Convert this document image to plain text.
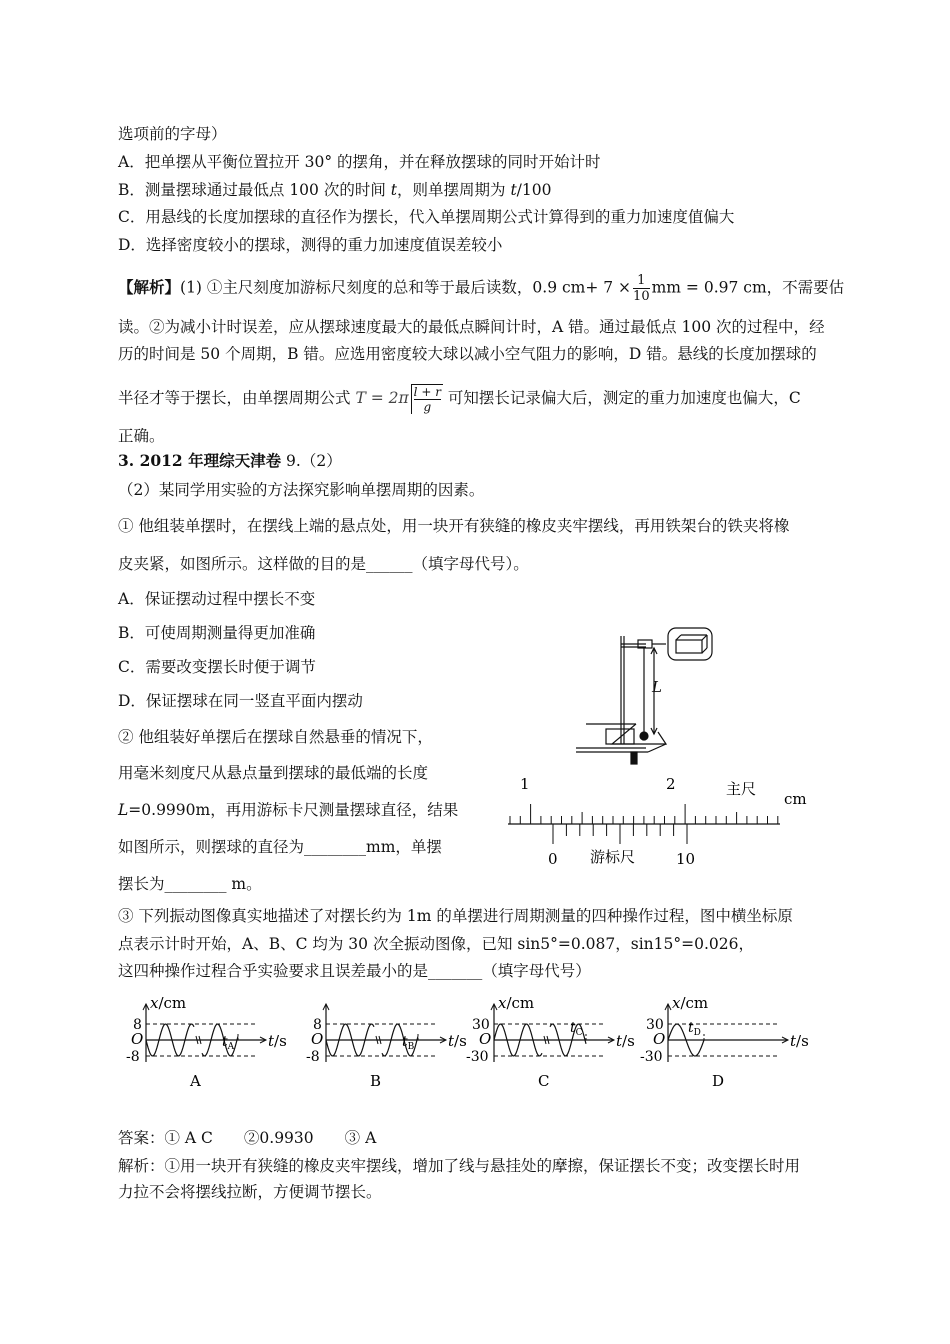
选项前的字母）
A．把单摆从平衡位置拉开 30° 的摆角，并在释放摆球的同时开始计时
B．测量摆球通过最低点 100 次的时间 t，则单摆周期为 t/100
C．用悬线的长度加摆球的直径作为摆长，代入单摆周期公式计算得到的重力加速度值偏大
D．选择密度较小的摆球，测得的重力加速度值误差较小
【解析】(1) ①主尺刻度加游标尺刻度的总和等于最后读数，0.9 $cm+ 7 \times \frac{1}{10}$ mm = 0.97 cm，不需要估
读。②为减小计时误差，应从摆球速度最大的最低点瞬间计时，A 错。通过最低点 100 次的过程中，经
历的时间是 50 个周期，B 错。应选用密度较大球以减小空气阻力的影响，D 错。悬线的长度加摆球的
半径才等于摆长，由单摆周期公式 $T = 2\pi \frac{l + r}{g}$ 可知摆长记录偏大后，测定的重力加速度也偏大，C
正确。
3. 2012 年理综天津卷 9.（2）
（2）某同学用实验的方法探究影响单摆周期的因素。
① 他组装单摆时，在摆线上端的悬点处，用一块开有狭缝的橡皮夹牢摆线，再用铁架台的铁夹将橡
皮夹紧，如图所示。这样做的目的是______（填字母代号）。
A．保证摆动过程中摆长不变
B．可使周期测量得更加准确
C．需要改变摆长时便于调节
D．保证摆球在同一竖直平面内摆动
② 他组装好单摆后在摆球自然悬垂的情况下，
用毫米刻度尺从悬点量到摆球的最低端的长度
L=0.9990m，再用游标卡尺测量摆球直径，结果
如图所示，则摆球的直径为________mm，单摆
摆长为________ m。
③ 下列振动图像真实地描述了对摆长约为 1m 的单摆进行周期测量的四种操作过程，图中横坐标原
点表示计时开始，A、B、C 均为 30 次全振动图像，已知 sin5°=0.087，sin15°=0.026，
这四种操作过程合乎实验要求且误差最小的是_______（填字母代号）
L
1	2	主尺
cm
0 游标尺	10
x/cm
8
-8
O	$t_A$ t/s
A
8
-8
O	$t_B$ t/s
B
x/cm
30
-30
O
$t_C$ t/s
C
x/cm
30
-30
O
$t_D$	t/s
D
答案：① A C　　②0.9930　　③ A
解析：①用一块开有狭缝的橡皮夹牢摆线，增加了线与悬挂处的摩擦，保证摆长不变；改变摆长时用
力拉不会将摆线拉断，方便调节摆长。
